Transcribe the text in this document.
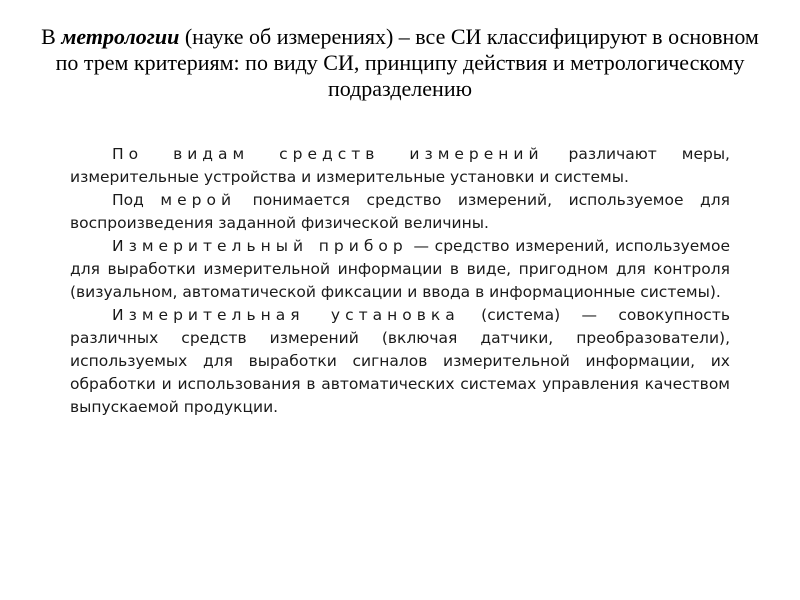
В метрологии (науке об измерениях) – все СИ классифицируют в основном по трем критериям: по виду СИ, принципу действия и метрологическому подразделению

По видам средств измерений различают меры, измерительные устройства и измерительные установки и системы.

Под мерой понимается средство измерений, используемое для воспроизведения заданной физической величины.

Измерительный прибор — средство измерений, используемое для выработки измерительной информации в виде, пригодном для контроля (визуальном, автоматической фиксации и ввода в информационные системы).

Измерительная установка (система) — совокупность различных средств измерений (включая датчики, преобразователи), используемых для выработки сигналов измерительной информации, их обработки и использования в автоматических системах управления качеством выпускаемой продукции.
